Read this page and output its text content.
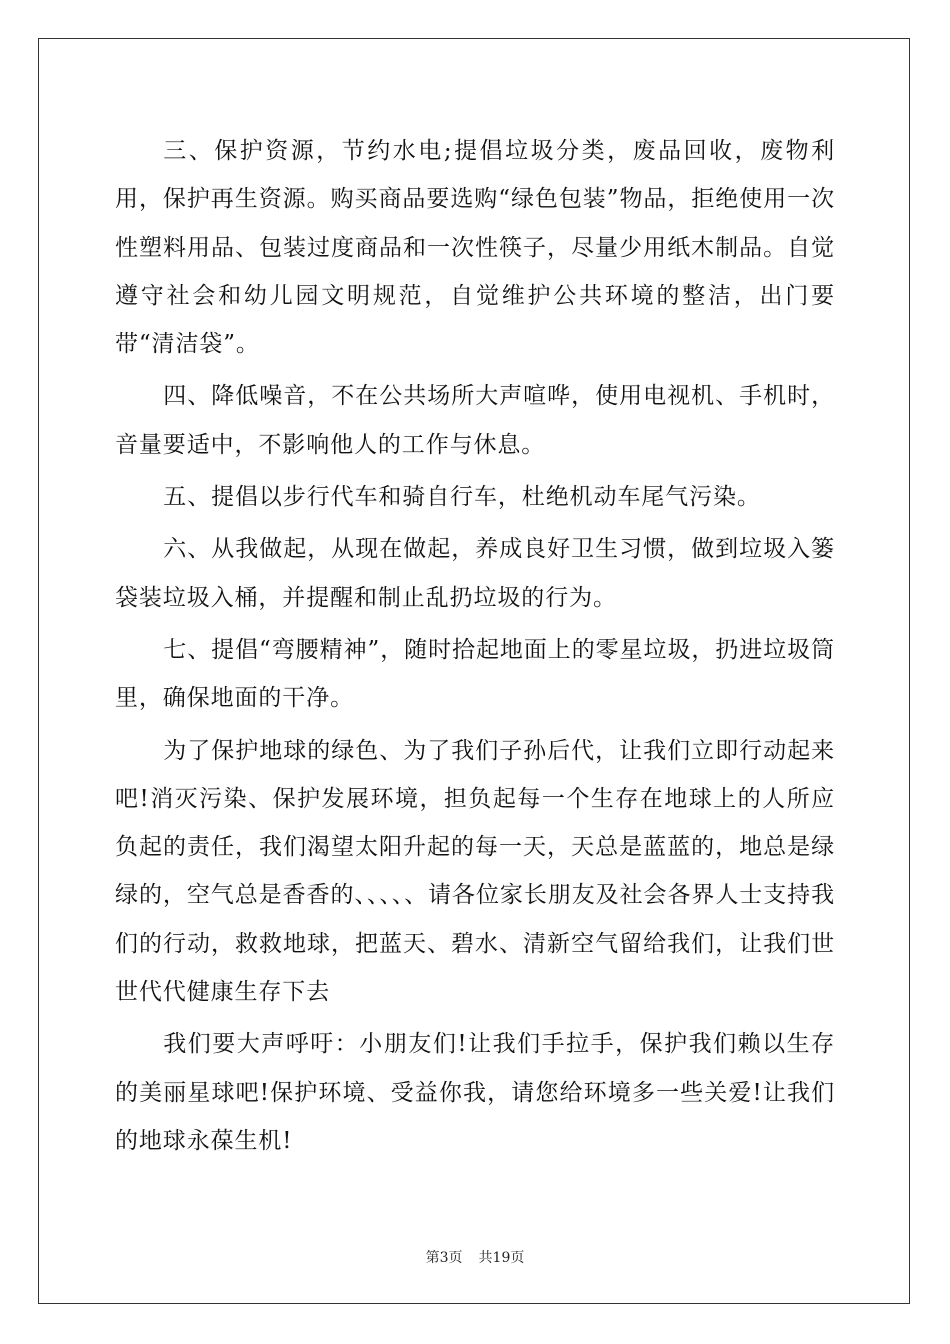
三、保护资源，节约水电;提倡垃圾分类，废品回收，废物利用，保护再生资源。购买商品要选购“绿色包装”物品，拒绝使用一次性塑料用品、包装过度商品和一次性筷子，尽量少用纸木制品。自觉遵守社会和幼儿园文明规范，自觉维护公共环境的整洁，出门要带“清洁袋”。

四、降低噪音，不在公共场所大声喧哗，使用电视机、手机时，音量要适中，不影响他人的工作与休息。

五、提倡以步行代车和骑自行车，杜绝机动车尾气污染。

六、从我做起，从现在做起，养成良好卫生习惯，做到垃圾入篓袋装垃圾入桶，并提醒和制止乱扔垃圾的行为。

七、提倡“弯腰精神”，随时拾起地面上的零星垃圾，扔进垃圾筒里，确保地面的干净。

为了保护地球的绿色、为了我们子孙后代，让我们立即行动起来吧!消灭污染、保护发展环境，担负起每一个生存在地球上的人所应负起的责任，我们渴望太阳升起的每一天，天总是蓝蓝的，地总是绿绿的，空气总是香香的、、、、、请各位家长朋友及社会各界人士支持我们的行动，救救地球，把蓝天、碧水、清新空气留给我们，让我们世世代代健康生存下去

我们要大声呼吁：小朋友们!让我们手拉手，保护我们赖以生存的美丽星球吧!保护环境、受益你我，请您给环境多一些关爱!让我们的地球永葆生机!

第3页 共19页
